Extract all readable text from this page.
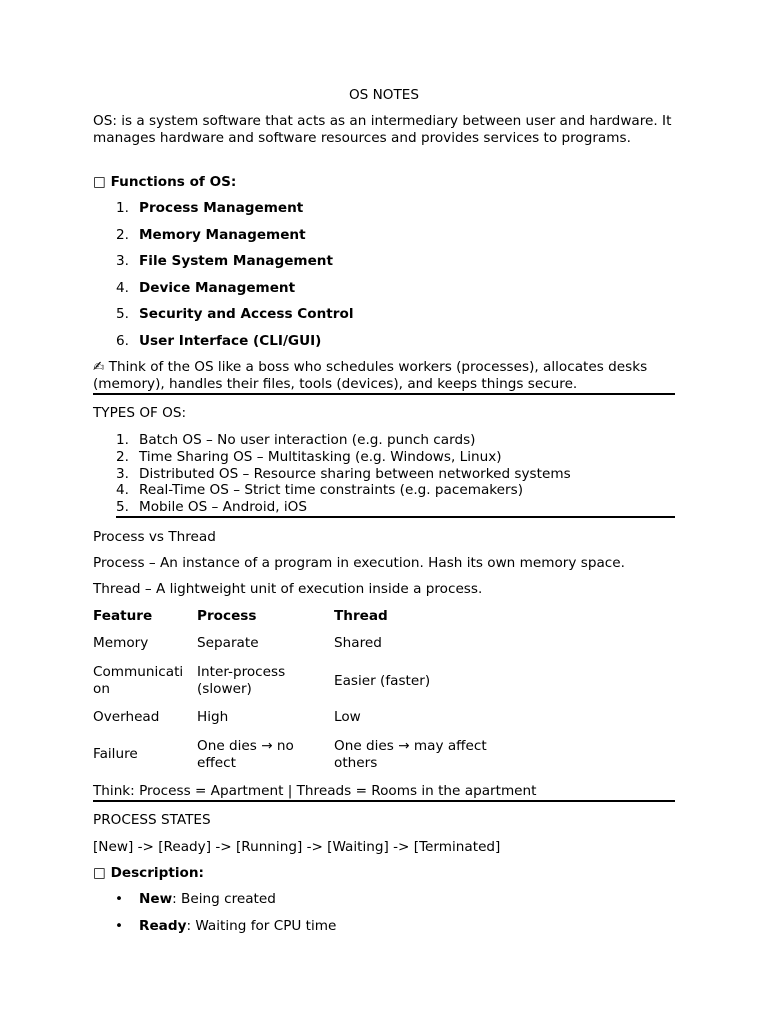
OS NOTES
OS: is a system software that acts as an intermediary between user and hardware. It manages hardware and software resources and provides services to programs.
□ Functions of OS:
1. Process Management
2. Memory Management
3. File System Management
4. Device Management
5. Security and Access Control
6. User Interface (CLI/GUI)
✍ Think of the OS like a boss who schedules workers (processes), allocates desks (memory), handles their files, tools (devices), and keeps things secure.
TYPES OF OS:
1. Batch OS – No user interaction (e.g. punch cards)
2. Time Sharing OS – Multitasking (e.g. Windows, Linux)
3. Distributed OS – Resource sharing between networked systems
4. Real-Time OS – Strict time constraints (e.g. pacemakers)
5. Mobile OS – Android, iOS
Process vs Thread
Process – An instance of a program in execution. Hash its own memory space.
Thread – A lightweight unit of execution inside a process.
Feature	Process	Thread
Memory	Separate	Shared
Communicati on	Inter-process (slower)	Easier (faster)
Overhead	High	Low
Failure	One dies → no effect	One dies → may affect others
Think: Process = Apartment | Threads = Rooms in the apartment
PROCESS STATES
[New] -> [Ready] -> [Running] -> [Waiting] -> [Terminated]
□ Description:
• New: Being created
• Ready: Waiting for CPU time
